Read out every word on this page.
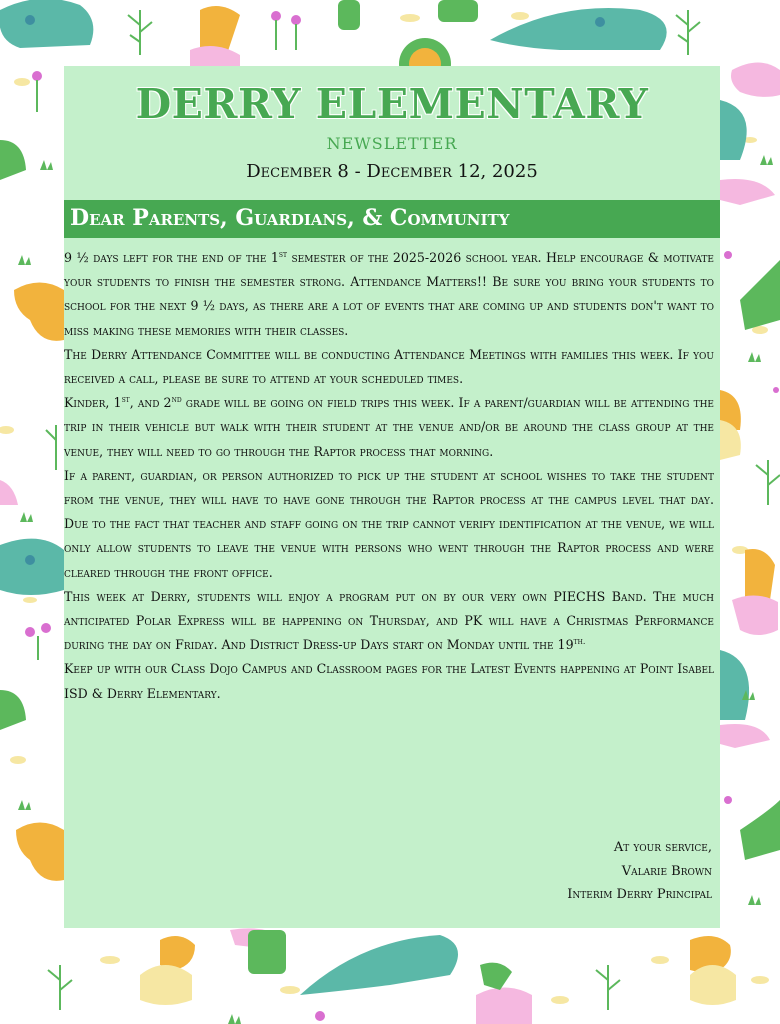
DERRY ELEMENTARY
NEWSLETTER
December 8 - December 12, 2025
Dear Parents, Guardians, & Community

9 ½ days left for the end of the 1st semester of the 2025-2026 school year. Help encourage & motivate your students to finish the semester strong. Attendance Matters!! Be sure you bring your students to school for the next 9 ½ days, as there are a lot of events that are coming up and students don't want to miss making these memories with their classes.

The Derry Attendance Committee will be conducting Attendance Meetings with families this week. If you received a call, please be sure to attend at your scheduled times.

Kinder, 1st, and 2nd grade will be going on field trips this week. If a parent/guardian will be attending the trip in their vehicle but walk with their student at the venue and/or be around the class group at the venue, they will need to go through the Raptor process that morning.

If a parent, guardian, or person authorized to pick up the student at school wishes to take the student from the venue, they will have to have gone through the Raptor process at the campus level that day. Due to the fact that teacher and staff going on the trip cannot verify identification at the venue, we will only allow students to leave the venue with persons who went through the Raptor process and were cleared through the front office.

This week at Derry, students will enjoy a program put on by our very own PIECHS Band. The much anticipated Polar Express will be happening on Thursday, and PK will have a Christmas Performance during the day on Friday. And District Dress-up Days start on Monday until the $19^{th.}$

Keep up with our Class Dojo Campus and Classroom pages for the Latest Events happening at Point Isabel ISD & Derry Elementary.

At your service,
Valarie Brown
Interim Derry Principal
